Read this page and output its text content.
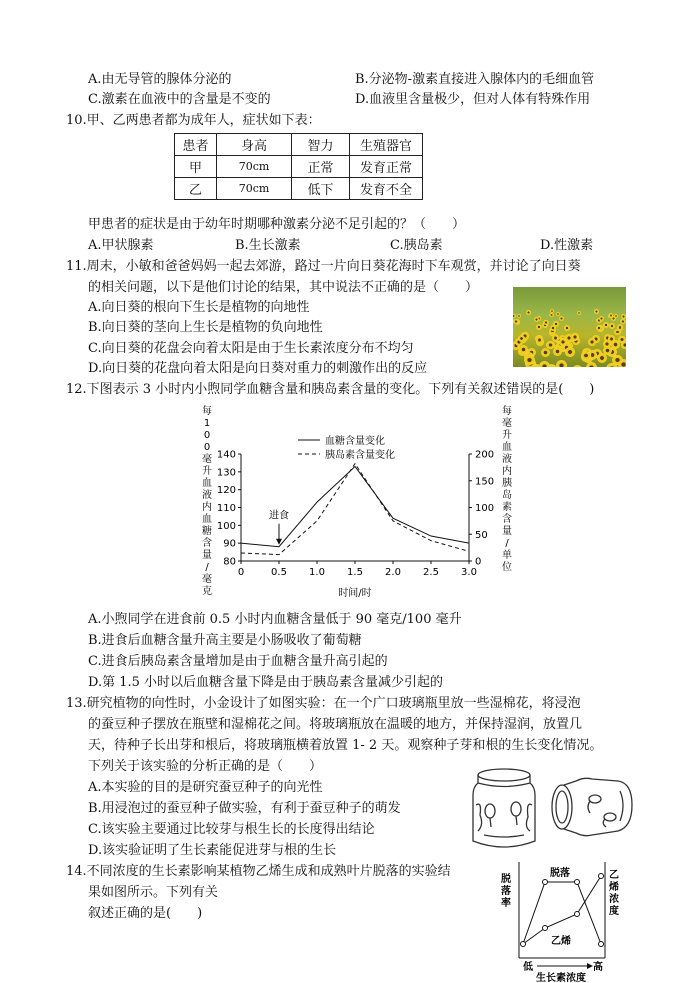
A.由无导管的腺体分泌的	B.分泌物-激素直接进入腺体内的毛细血管
C.激素在血液中的含量是不变的	D.血液里含量极少，但对人体有特殊作用
10.甲、乙两患者都为成年人，症状如下表：
患者	身高	智力	生殖器官
甲	70cm	正常	发育正常
乙	70cm	低下	发育不全
甲患者的症状是由于幼年时期哪种激素分泌不足引起的？（　　）
A.甲状腺素	B.生长激素	C.胰岛素	D.性激素
11.周末，小敏和爸爸妈妈一起去郊游，路过一片向日葵花海时下车观赏，并讨论了向日葵
的相关问题，以下是他们讨论的结果，其中说法不正确的是（　　）
A.向日葵的根向下生长是植物的向地性
B.向日葵的茎向上生长是植物的负向地性
C.向日葵的花盘会向着太阳是由于生长素浓度分布不均匀
D.向日葵的花盘向着太阳是向日葵对重力的刺激作出的反应
12.下图表示 3 小时内小煦同学血糖含量和胰岛素含量的变化。下列有关叙述错误的是(　　)
每
1
0
0
毫
升
血
液
内
血
糖
含
量
/
毫
克
每
毫
升
血
液
内
胰
岛
素
含
量
/
单
位
0	0.5 1.0 1.5 2.0 2.5 3.0
80
90
100
110
120
130
140
0
50
100
150
200
血糖含量变化
胰岛素含量变化
进食
时间/时
A.小煦同学在进食前 0.5 小时内血糖含量低于 90 毫克/100 毫升
B.进食后血糖含量升高主要是小肠吸收了葡萄糖
C.进食后胰岛素含量增加是由于血糖含量升高引起的
D.第 1.5 小时以后血糖含量下降是由于胰岛素含量减少引起的
13.研究植物的向性时，小金设计了如图实验：在一个广口玻璃瓶里放一些湿棉花，将浸泡
的蚕豆种子摆放在瓶壁和湿棉花之间。将玻璃瓶放在温暖的地方，并保持湿润，放置几
天，待种子长出芽和根后，将玻璃瓶横着放置 1- 2 天。观察种子芽和根的生长变化情况。
下列关于该实验的分析正确的是（　　）
A.本实验的目的是研究蚕豆种子的向光性
B.用浸泡过的蚕豆种子做实验，有利于蚕豆种子的萌发
C.该实验主要通过比较芽与根生长的长度得出结论
D.该实验证明了生长素能促进芽与根的生长
14.不同浓度的生长素影响某植物乙烯生成和成熟叶片脱落的实验结
果如图所示。下列有关
叙述正确的是(　　)
脱
落
率
乙
烯
浓
度
脱落
乙烯
低	高
生长素浓度
